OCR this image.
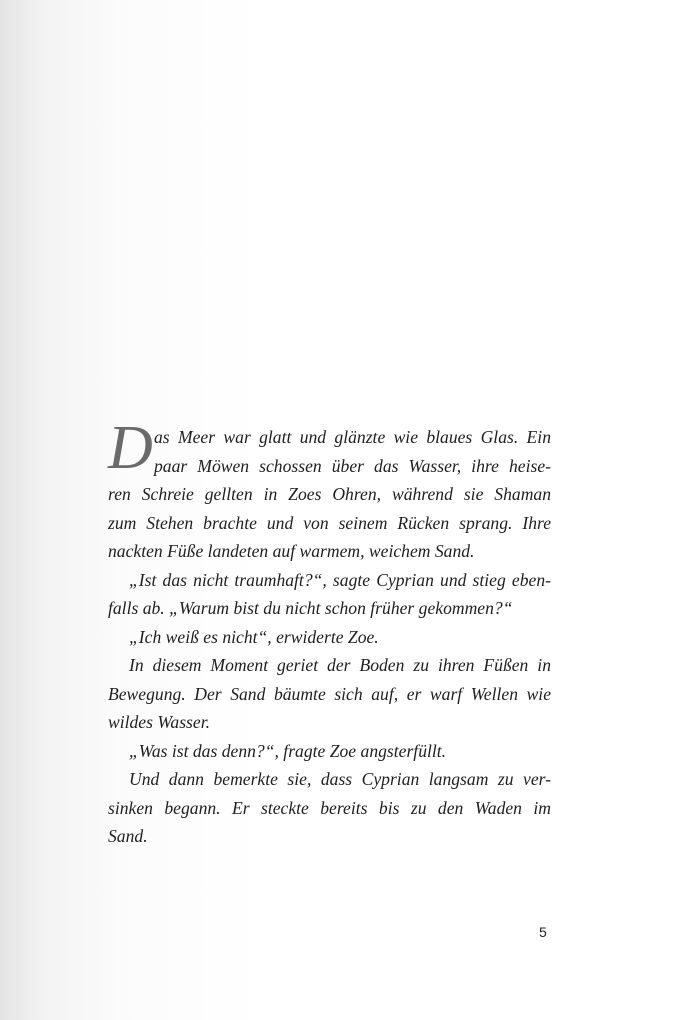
D as Meer war glatt und glänzte wie blaues Glas. Ein
paar Möwen schossen über das Wasser, ihre heise-
ren Schreie gellten in Zoes Ohren, während sie Shaman
zum Stehen brachte und von seinem Rücken sprang. Ihre
nackten Füße landeten auf warmem, weichem Sand.
„Ist das nicht traumhaft?“, sagte Cyprian und stieg eben-
falls ab. „Warum bist du nicht schon früher gekommen?“
„Ich weiß es nicht“, erwiderte Zoe.
In diesem Moment geriet der Boden zu ihren Füßen in
Bewegung. Der Sand bäumte sich auf, er warf Wellen wie
wildes Wasser.
„Was ist das denn?“, fragte Zoe angsterfüllt.
Und dann bemerkte sie, dass Cyprian langsam zu ver-
sinken begann. Er steckte bereits bis zu den Waden im
Sand.
5
